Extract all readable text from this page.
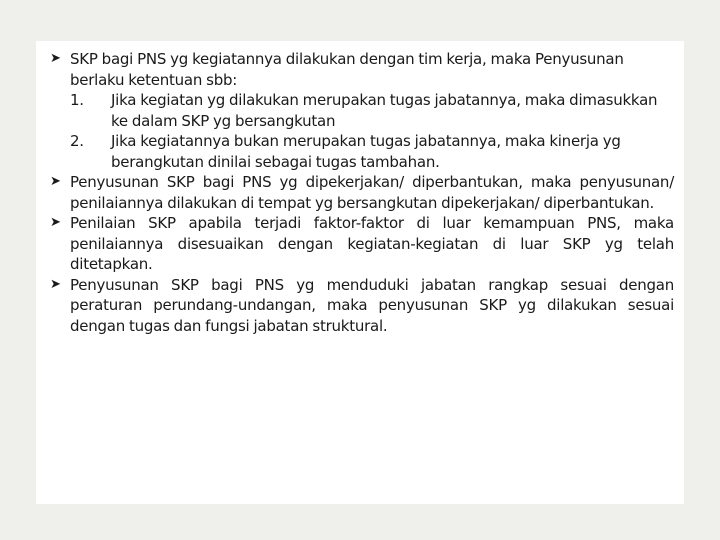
➤ SKP bagi PNS yg kegiatannya dilakukan dengan tim kerja, maka Penyusunan berlaku ketentuan sbb:
1.	Jika kegiatan yg dilakukan merupakan tugas jabatannya, maka dimasukkan ke dalam SKP yg bersangkutan
2.	Jika kegiatannya bukan merupakan tugas jabatannya, maka kinerja yg berangkutan dinilai sebagai tugas tambahan.
➤ Penyusunan SKP bagi PNS yg dipekerjakan/ diperbantukan, maka penyusunan/ penilaiannya dilakukan di tempat yg bersangkutan dipekerjakan/ diperbantukan.
➤ Penilaian SKP apabila terjadi faktor-faktor di luar kemampuan PNS, maka penilaiannya disesuaikan dengan kegiatan-kegiatan di luar SKP yg telah ditetapkan.
➤ Penyusunan SKP bagi PNS yg menduduki jabatan rangkap sesuai dengan peraturan perundang-undangan, maka penyusunan SKP yg dilakukan sesuai dengan tugas dan fungsi jabatan struktural.
